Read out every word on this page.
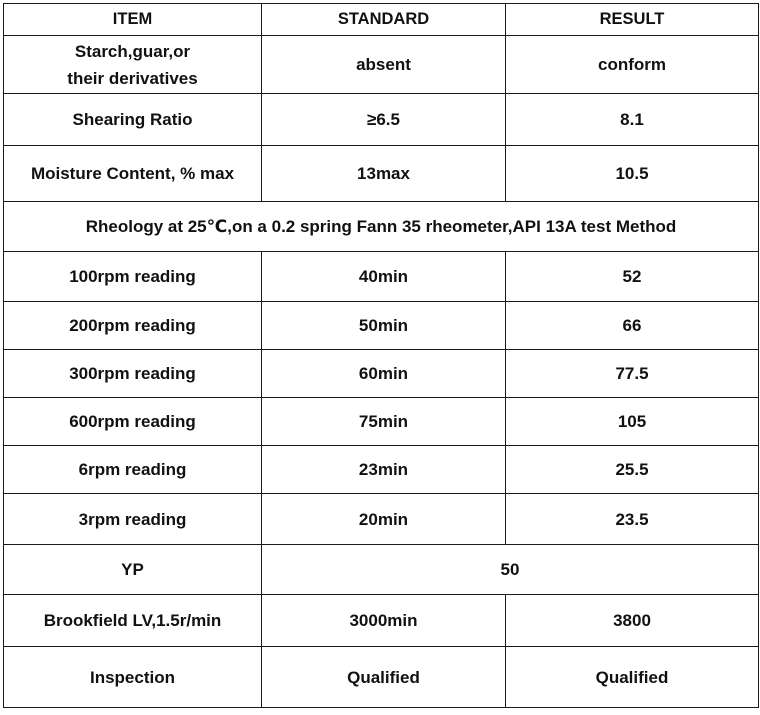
ITEM	STANDARD	RESULT

Starch,guar,or
their derivatives	absent	conform
Shearing Ratio	≥6.5	8.1
Moisture Content, % max	13max	10.5
Rheology at 25℃,on a 0.2 spring Fann 35 rheometer,API 13A test Method		
100rpm reading	40min	52
200rpm reading	50min	66
300rpm reading	60min	77.5
600rpm reading	75min	105
6rpm reading	23min	25.5
3rpm reading	20min	23.5
YP	50	
Brookfield LV,1.5r/min	3000min	3800
Inspection	Qualified	Qualified
